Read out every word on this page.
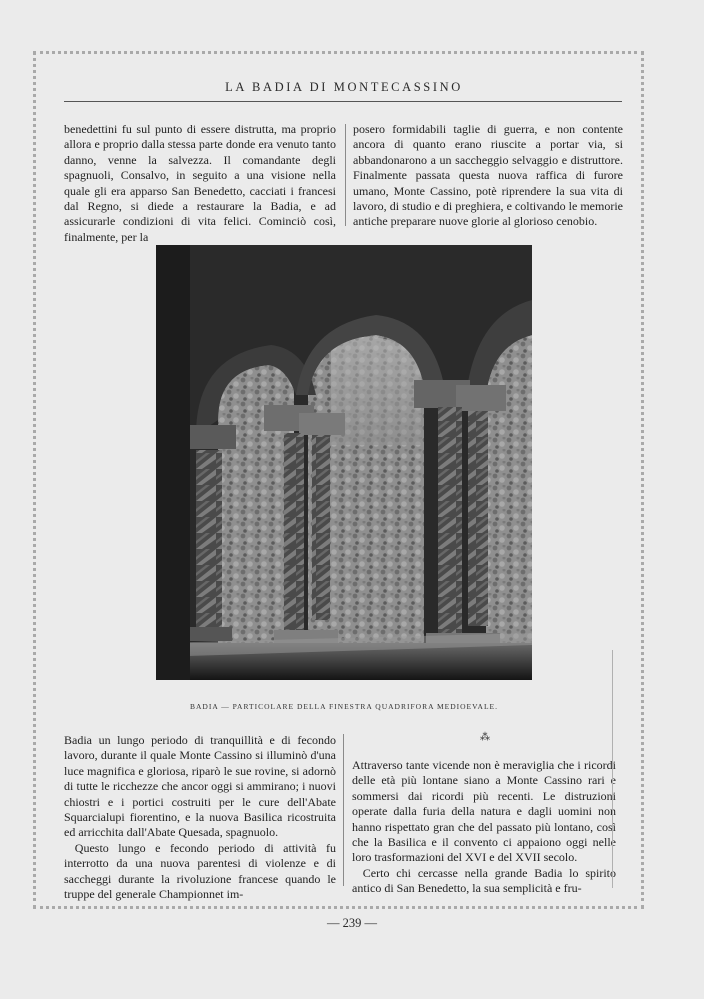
LA BADIA DI MONTECASSINO

benedettini fu sul punto di essere distrutta, ma proprio allora e proprio dalla stessa parte donde era venuto tanto danno, venne la salvezza. Il comandante degli spagnuoli, Consalvo, in seguito a una visione nella quale gli era apparso San Benedetto, cacciati i francesi dal Regno, si diede a restaurare la Badia, e ad assicurarle condizioni di vita felici. Cominciò così, finalmente, per la

posero formidabili taglie di guerra, e non contente ancora di quanto erano riuscite a portar via, si abbandonarono a un saccheggio selvaggio e distruttore. Finalmente passata questa nuova raffica di furore umano, Monte Cassino, potè riprendere la sua vita di lavoro, di studio e di preghiera, e coltivando le memorie antiche preparare nuove glorie al glorioso cenobio.

BADIA — PARTICOLARE DELLA FINESTRA QUADRIFORA MEDIOEVALE.

Badia un lungo periodo di tranquillità e di fecondo lavoro, durante il quale Monte Cassino si illuminò d'una luce magnifica e gloriosa, riparò le sue rovine, si adornò di tutte le ricchezze che ancor oggi si ammirano; i nuovi chiostri e i portici costruiti per le cure dell'Abate Squarcialupi fiorentino, e la nuova Basilica ricostruita ed arricchita dall'Abate Quesada, spagnuolo.

Questo lungo e fecondo periodo di attività fu interrotto da una nuova parentesi di violenze e di saccheggi durante la rivoluzione francese quando le truppe del generale Championnet im-

⁂

Attraverso tante vicende non è meraviglia che i ricordi delle età più lontane siano a Monte Cassino rari e sommersi dai ricordi più recenti. Le distruzioni operate dalla furia della natura e dagli uomini non hanno rispettato gran che del passato più lontano, così che la Basilica e il convento ci appaiono oggi nelle loro trasformazioni del XVI e del XVII secolo.

Certo chi cercasse nella grande Badia lo spirito antico di San Benedetto, la sua semplicità e fru-

— 239 —
